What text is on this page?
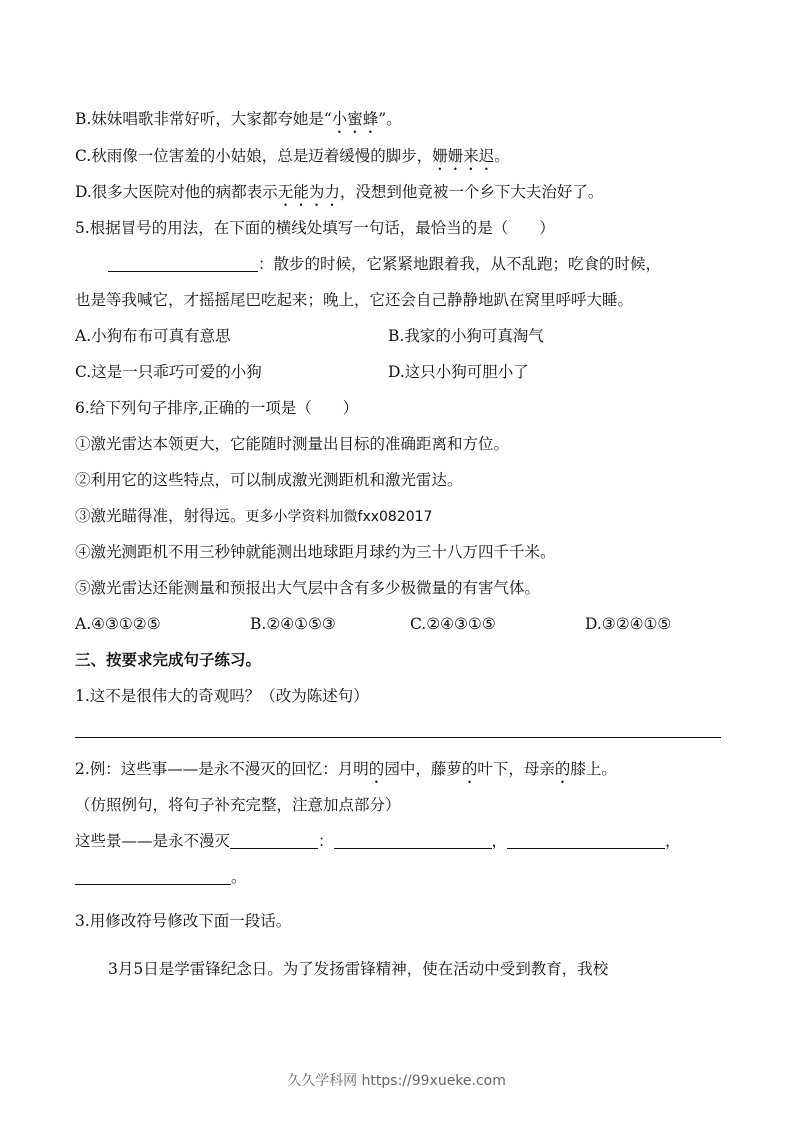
B.妹妹唱歌非常好听，大家都夸她是“小蜜蜂”。
C.秋雨像一位害羞的小姑娘，总是迈着缓慢的脚步，姗姗来迟。
D.很多大医院对他的病都表示无能为力，没想到他竟被一个乡下大夫治好了。
5.根据冒号的用法，在下面的横线处填写一句话，最恰当的是（　　）
：散步的时候，它紧紧地跟着我，从不乱跑；吃食的时候，
也是等我喊它，才摇摇尾巴吃起来；晚上，它还会自己静静地趴在窝里呼呼大睡。
A.小狗布布可真有意思	B.我家的小狗可真淘气
C.这是一只乖巧可爱的小狗	D.这只小狗可胆小了
6.给下列句子排序,正确的一项是（　　）
①激光雷达本领更大，它能随时测量出目标的准确距离和方位。
②利用它的这些特点，可以制成激光测距机和激光雷达。
③激光瞄得准，射得远。更多小学资料加微fxx082017
④激光测距机不用三秒钟就能测出地球距月球约为三十八万四千千米。
⑤激光雷达还能测量和预报出大气层中含有多少极微量的有害气体。
A.④③①②⑤	B.②④①⑤③	C.②④③①⑤	D.③②④①⑤
三、按要求完成句子练习。
1.这不是很伟大的奇观吗？（改为陈述句）
2.例：这些事——是永不漫灭的回忆：月明的园中，藤萝的叶下，母亲的膝上。
（仿照例句，将句子补充完整，注意加点部分）
这些景——是永不漫灭	：	，	，
。
3.用修改符号修改下面一段话。
3月5日是学雷锋纪念日。为了发扬雷锋精神，使在活动中受到教育，我校
久久学科网 https://99xueke.com
